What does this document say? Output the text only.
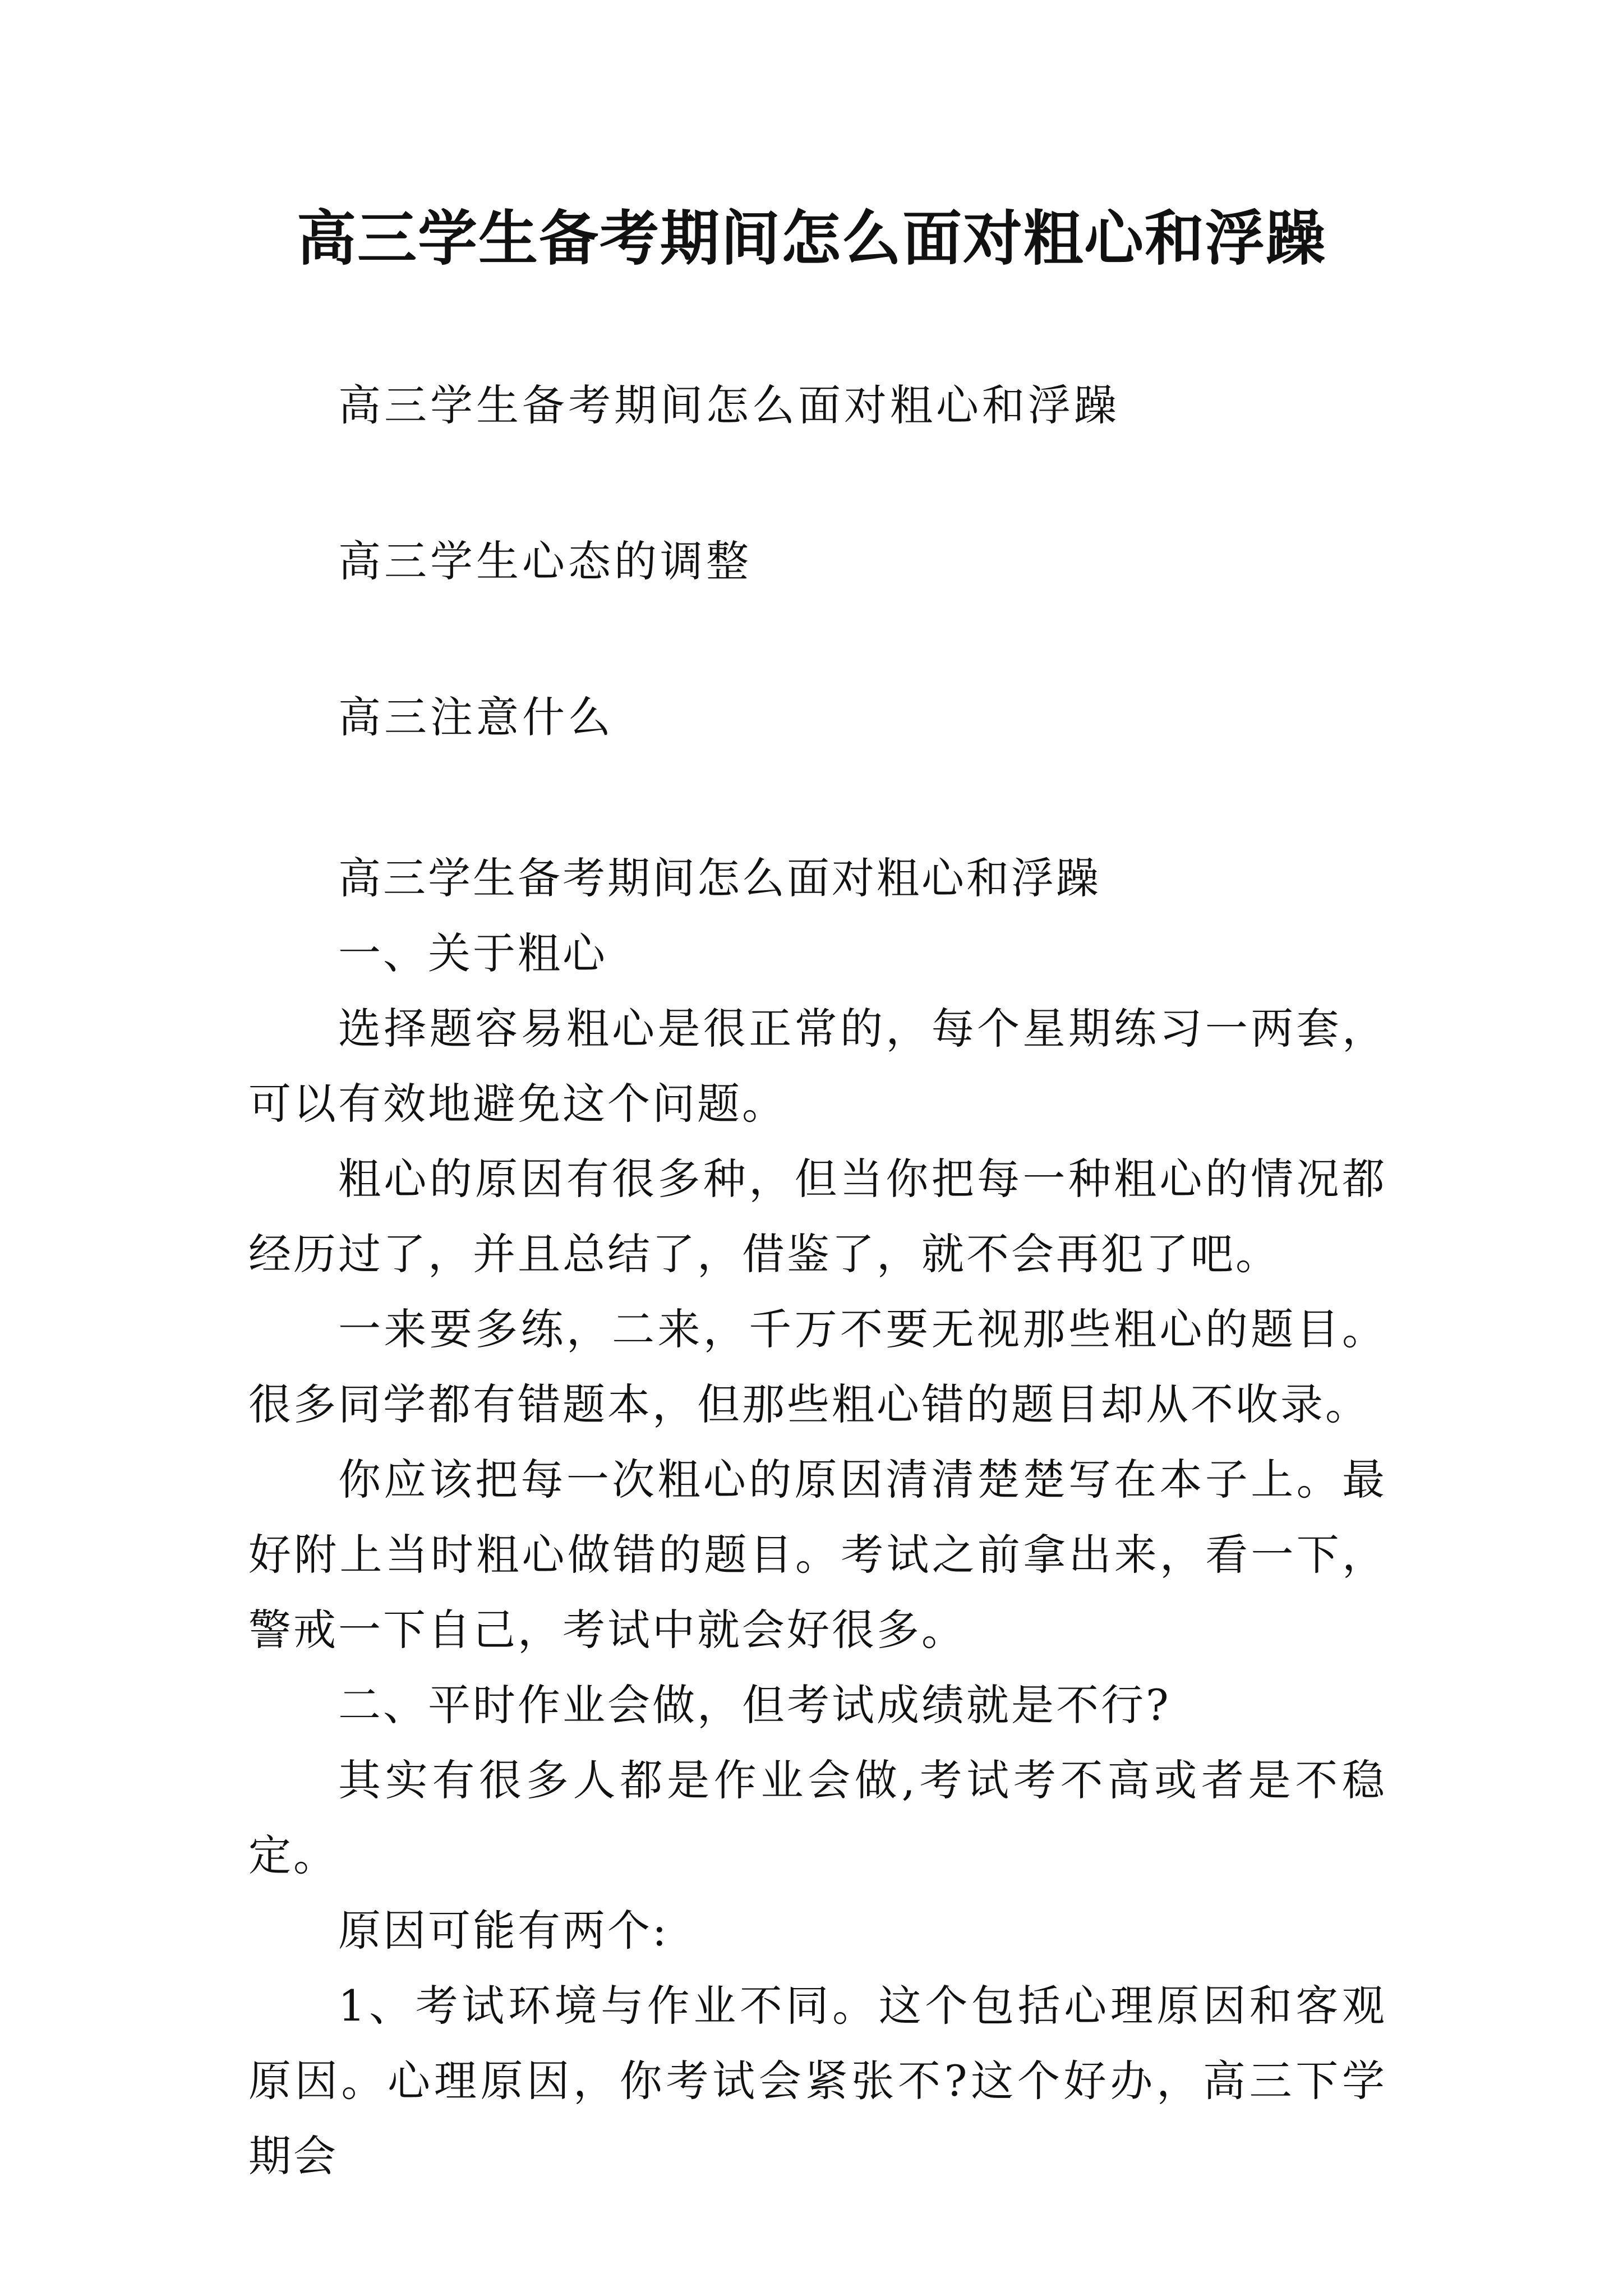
高三学生备考期间怎么面对粗心和浮躁
高三学生备考期间怎么面对粗心和浮躁
高三学生心态的调整
高三注意什么

高三学生备考期间怎么面对粗心和浮躁

一、关于粗心

选择题容易粗心是很正常的，每个星期练习一两套，可以有效地避免这个问题。

粗心的原因有很多种，但当你把每一种粗心的情况都经历过了，并且总结了，借鉴了，就不会再犯了吧。

一来要多练，二来，千万不要无视那些粗心的题目。很多同学都有错题本，但那些粗心错的题目却从不收录。

你应该把每一次粗心的原因清清楚楚写在本子上。最好附上当时粗心做错的题目。考试之前拿出来，看一下，警戒一下自己，考试中就会好很多。

二、平时作业会做，但考试成绩就是不行?

其实有很多人都是作业会做,考试考不高或者是不稳定。

原因可能有两个:

1、考试环境与作业不同。这个包括心理原因和客观原因。心理原因，你考试会紧张不?这个好办，高三下学期会
